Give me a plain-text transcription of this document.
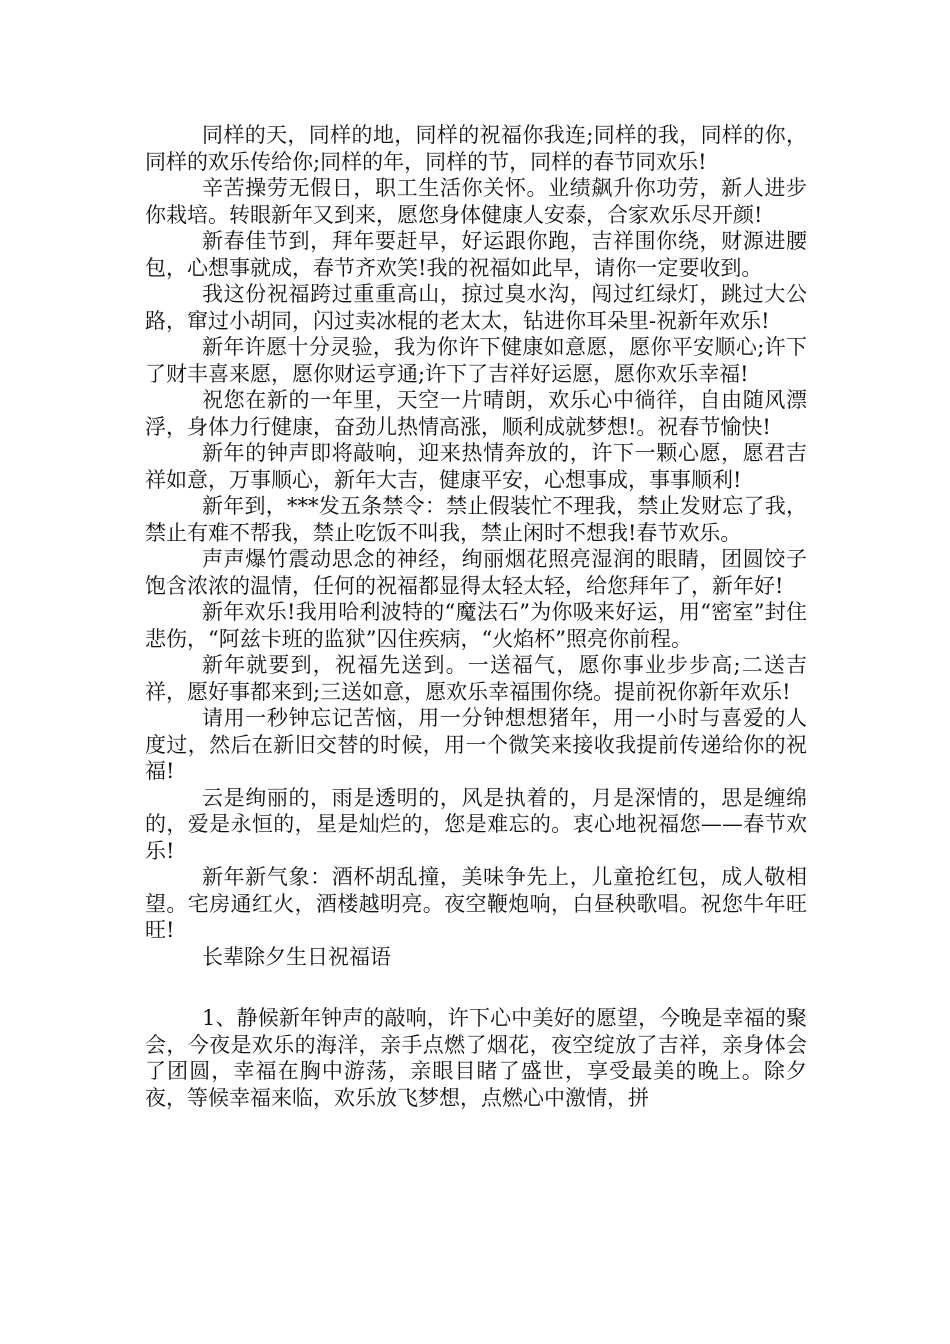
同样的天，同样的地，同样的祝福你我连;同样的我，同样的你，同样的欢乐传给你;同样的年，同样的节，同样的春节同欢乐!

辛苦操劳无假日，职工生活你关怀。业绩飙升你功劳，新人进步你栽培。转眼新年又到来，愿您身体健康人安泰，合家欢乐尽开颜!

新春佳节到，拜年要赶早，好运跟你跑，吉祥围你绕，财源进腰包，心想事就成，春节齐欢笑!我的祝福如此早，请你一定要收到。

我这份祝福跨过重重高山，掠过臭水沟，闯过红绿灯，跳过大公路，窜过小胡同，闪过卖冰棍的老太太，钻进你耳朵里-祝新年欢乐!

新年许愿十分灵验，我为你许下健康如意愿，愿你平安顺心;许下了财丰喜来愿，愿你财运亨通;许下了吉祥好运愿，愿你欢乐幸福!

祝您在新的一年里，天空一片晴朗，欢乐心中徜徉，自由随风漂浮，身体力行健康，奋劲儿热情高涨，顺利成就梦想!。祝春节愉快!

新年的钟声即将敲响，迎来热情奔放的，许下一颗心愿，愿君吉祥如意，万事顺心，新年大吉，健康平安，心想事成，事事顺利!

新年到，***发五条禁令：禁止假装忙不理我，禁止发财忘了我，禁止有难不帮我，禁止吃饭不叫我，禁止闲时不想我!春节欢乐。

声声爆竹震动思念的神经，绚丽烟花照亮湿润的眼睛，团圆饺子饱含浓浓的温情，任何的祝福都显得太轻太轻，给您拜年了，新年好!

新年欢乐!我用哈利波特的“魔法石”为你吸来好运，用“密室”封住悲伤，“阿兹卡班的监狱”囚住疾病，“火焰杯”照亮你前程。

新年就要到，祝福先送到。一送福气，愿你事业步步高;二送吉祥，愿好事都来到;三送如意，愿欢乐幸福围你绕。提前祝你新年欢乐!

请用一秒钟忘记苦恼，用一分钟想想猪年，用一小时与喜爱的人度过，然后在新旧交替的时候，用一个微笑来接收我提前传递给你的祝福!

云是绚丽的，雨是透明的，风是执着的，月是深情的，思是缠绵的，爱是永恒的，星是灿烂的，您是难忘的。衷心地祝福您——春节欢乐!

新年新气象：酒杯胡乱撞，美味争先上，儿童抢红包，成人敬相望。宅房通红火，酒楼越明亮。夜空鞭炮响，白昼秧歌唱。祝您牛年旺旺!

长辈除夕生日祝福语

1、静候新年钟声的敲响，许下心中美好的愿望，今晚是幸福的聚会，今夜是欢乐的海洋，亲手点燃了烟花，夜空绽放了吉祥，亲身体会了团圆，幸福在胸中游荡，亲眼目睹了盛世，享受最美的晚上。除夕夜，等候幸福来临，欢乐放飞梦想，点燃心中激情，拼
